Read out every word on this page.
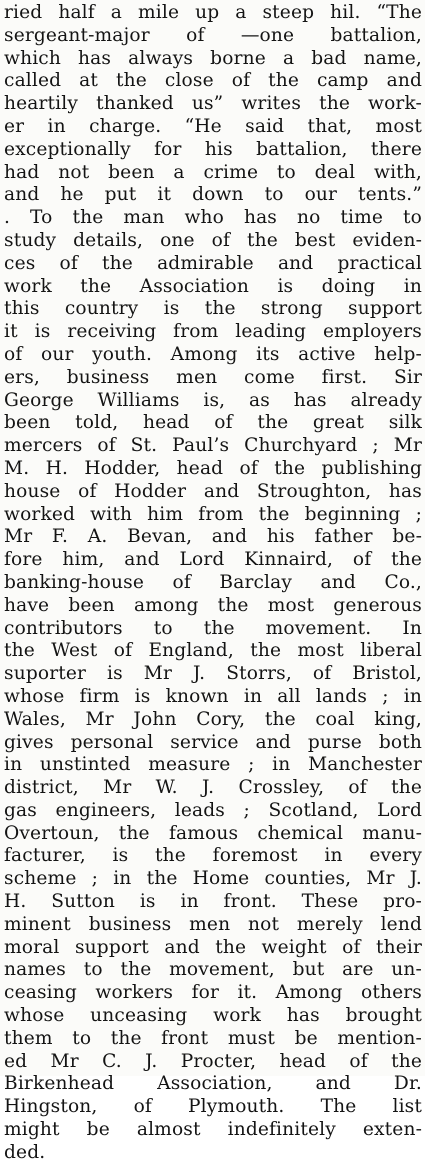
ried half a mile up a steep hil. “The
sergeant-major of —one battalion,
which has always borne a bad name,
called at the close of the camp and
heartily thanked us” writes the work-
er in charge. “He said that, most
exceptionally for his battalion, there
had not been a crime to deal with,
and he put it down to our tents.”
. To the man who has no time to
study details, one of the best eviden-
ces of the admirable and practical
work the Association is doing in
this country is the strong support
it is receiving from leading employers
of our youth. Among its active help-
ers, business men come first. Sir
George Williams is, as has already
been told, head of the great silk
mercers of St. Paul’s Churchyard ; Mr
M. H. Hodder, head of the publishing
house of Hodder and Stroughton, has
worked with him from the beginning ;
Mr F. A. Bevan, and his father be-
fore him, and Lord Kinnaird, of the
banking-house of Barclay and Co.,
have been among the most generous
contributors to the movement. In
the West of England, the most liberal
suporter is Mr J. Storrs, of Bristol,
whose firm is known in all lands ; in
Wales, Mr John Cory, the coal king,
gives personal service and purse both
in unstinted measure ; in Manchester
district, Mr W. J. Crossley, of the
gas engineers, leads ; Scotland, Lord
Overtoun, the famous chemical manu-
facturer, is the foremost in every
scheme ; in the Home counties, Mr J.
H. Sutton is in front. These pro-
minent business men not merely lend
moral support and the weight of their
names to the movement, but are un-
ceasing workers for it. Among others
whose unceasing work has brought
them to the front must be mention-
ed Mr C. J. Procter, head of the
Birkenhead Association, and Dr.
Hingston, of Plymouth. The list
might be almost indefinitely exten-
ded.
